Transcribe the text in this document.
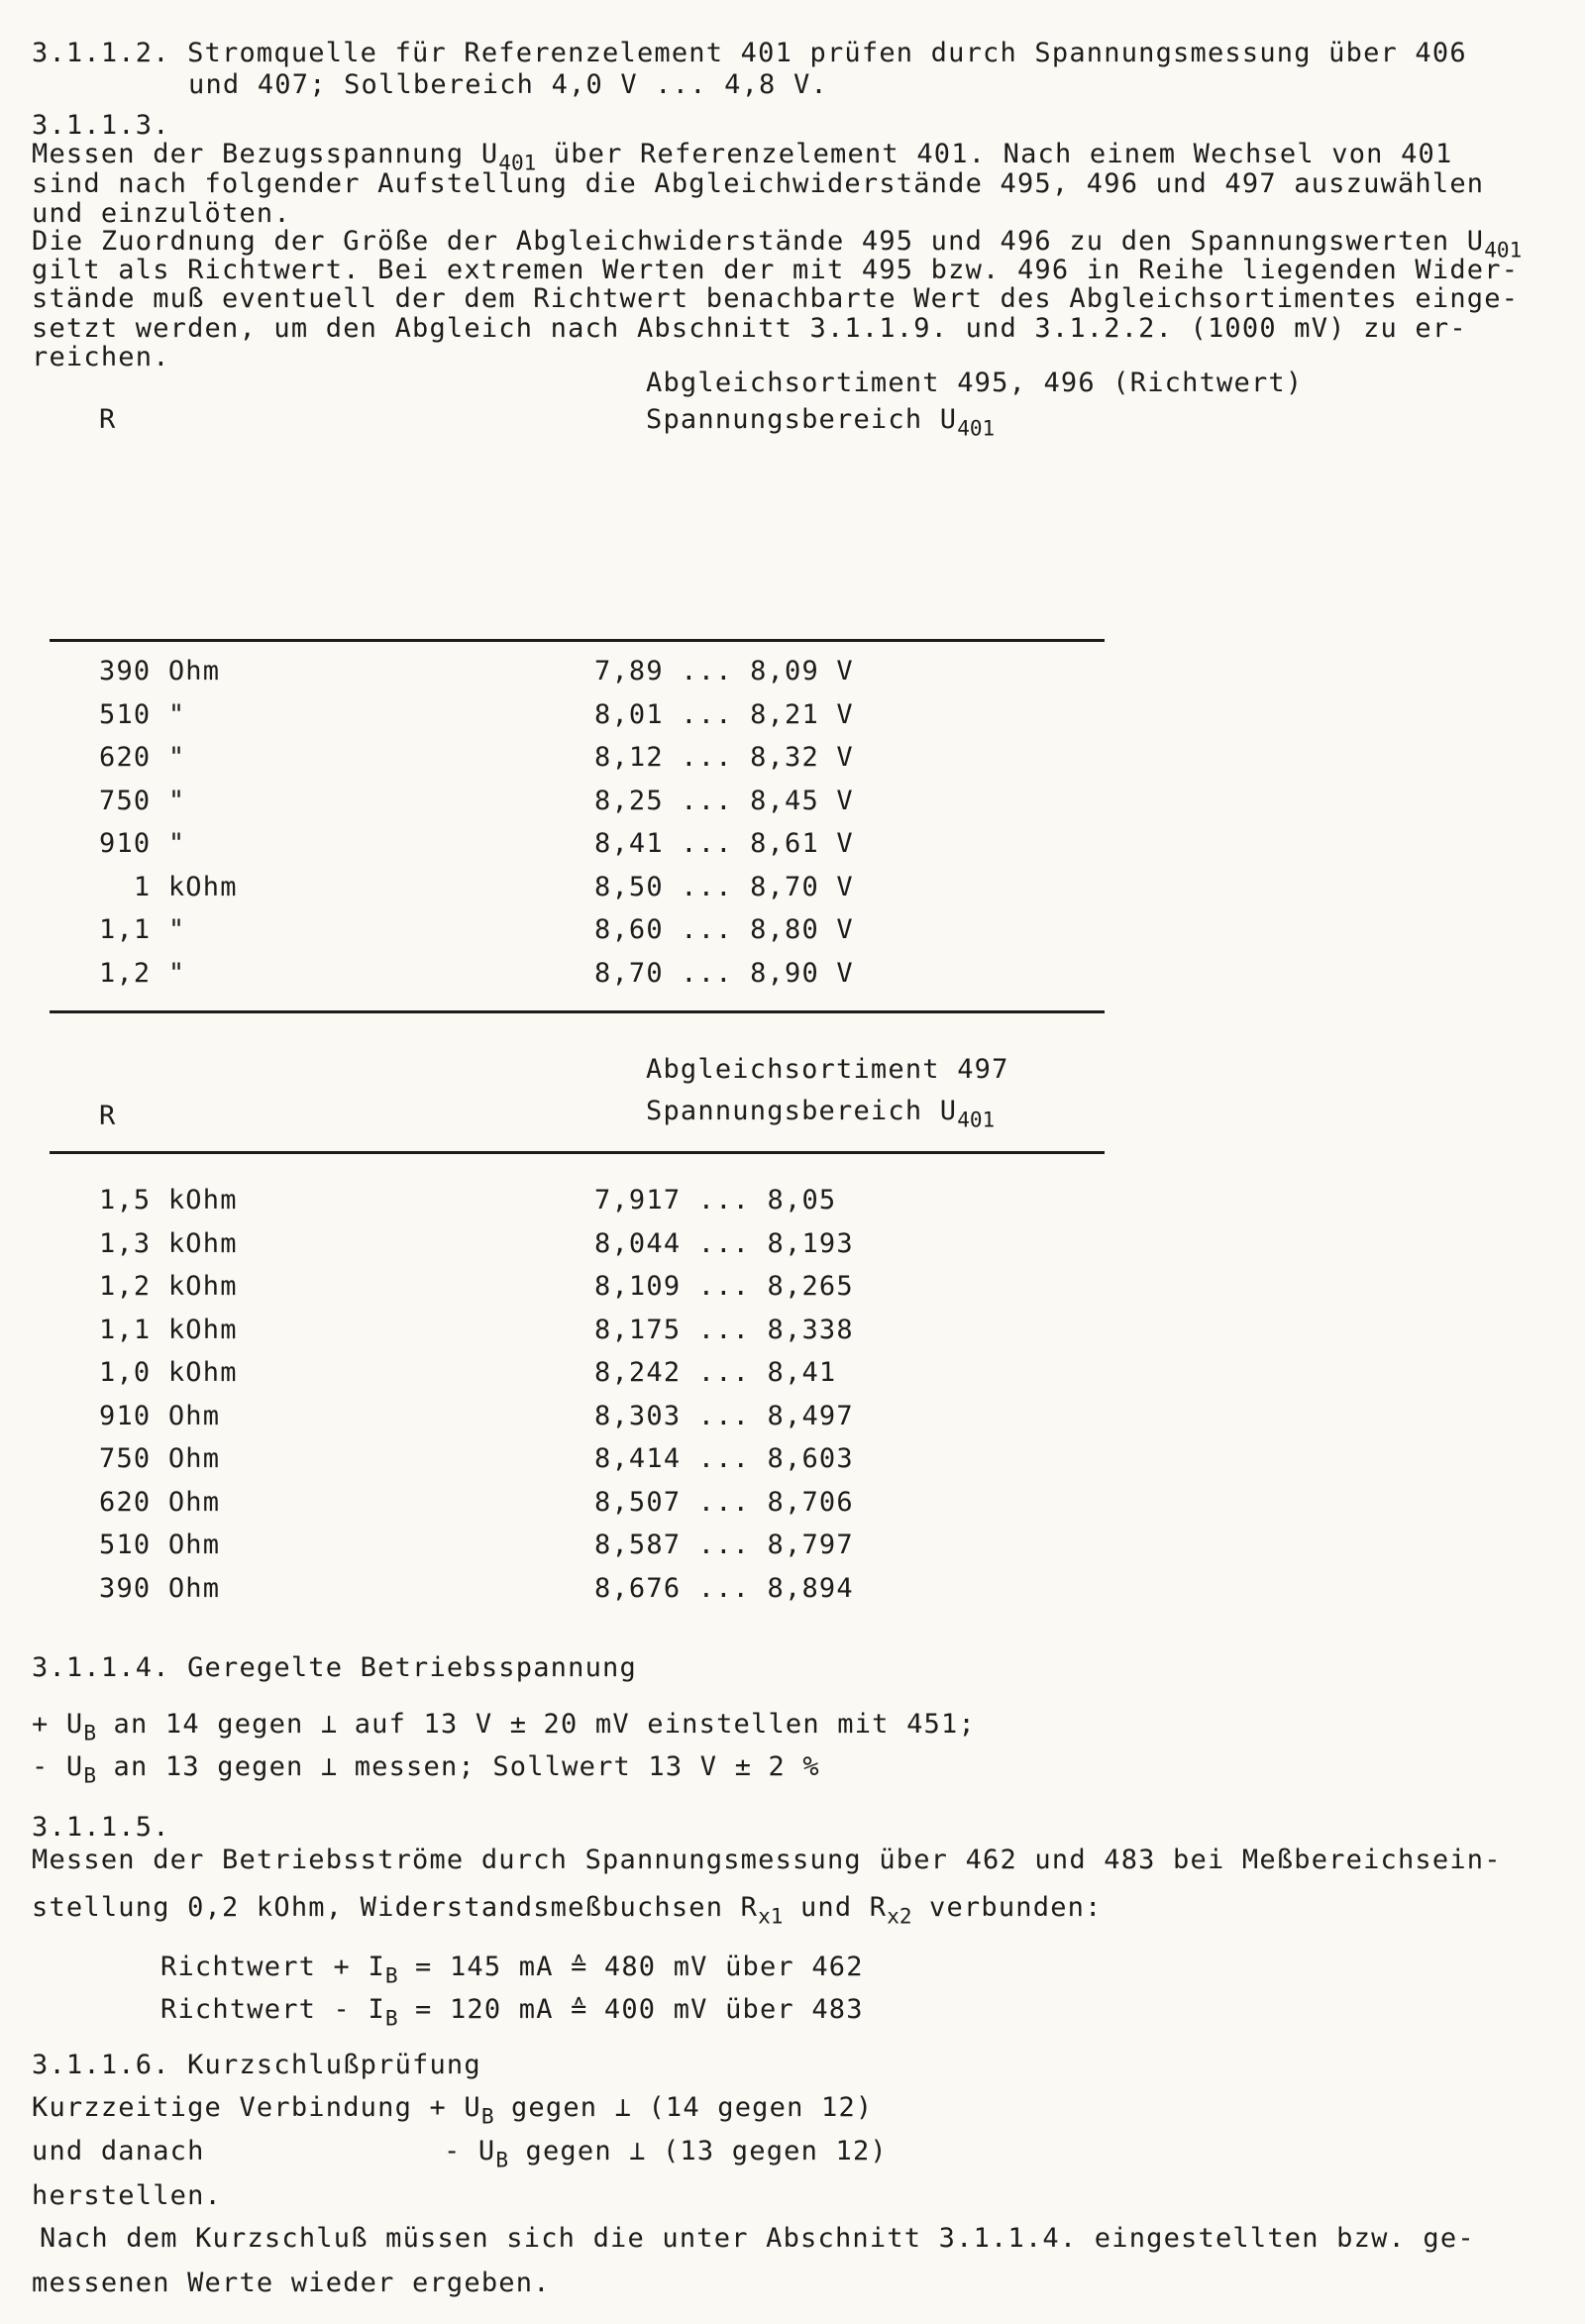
3.1.1.2. Stromquelle für Referenzelement 401 prüfen durch Spannungsmessung über 406
und 407; Sollbereich 4,0 V ... 4,8 V.
3.1.1.3.
Messen der Bezugsspannung $U_{401}$ über Referenzelement 401. Nach einem Wechsel von 401
sind nach folgender Aufstellung die Abgleichwiderstände 495, 496 und 497 auszuwählen
und einzulöten.
Die Zuordnung der Größe der Abgleichwiderstände 495 und 496 zu den Spannungswerten $U_{401}$
gilt als Richtwert. Bei extremen Werten der mit 495 bzw. 496 in Reihe liegenden Wider-
stände muß eventuell der dem Richtwert benachbarte Wert des Abgleichsortimentes einge-
setzt werden, um den Abgleich nach Abschnitt 3.1.1.9. und 3.1.2.2. (1000 mV) zu er-
reichen.
Abgleichsortiment 495, 496 (Richtwert)
R	Spannungsbereich $U_{401}$
390 Ohm	7,89 ... 8,09 V
510 "	8,01 ... 8,21 V
620 "	8,12 ... 8,32 V
750 "	8,25 ... 8,45 V
910 "	8,41 ... 8,61 V
1 kOhm	8,50 ... 8,70 V
1,1 "	8,60 ... 8,80 V
1,2 "	8,70 ... 8,90 V
Abgleichsortiment 497
R	Spannungsbereich $U_{401}$
1,5 kOhm	7,917 ... 8,05
1,3 kOhm	8,044 ... 8,193
1,2 kOhm	8,109 ... 8,265
1,1 kOhm	8,175 ... 8,338
1,0 kOhm	8,242 ... 8,41
910 Ohm	8,303 ... 8,497
750 Ohm	8,414 ... 8,603
620 Ohm	8,507 ... 8,706
510 Ohm	8,587 ... 8,797
390 Ohm	8,676 ... 8,894
3.1.1.4. Geregelte Betriebsspannung
+ $U_B$ an 14 gegen ⊥ auf 13 V ± 20 mV einstellen mit 451;
- $U_B$ an 13 gegen ⊥ messen; Sollwert 13 V ± 2 %
3.1.1.5.
Messen der Betriebsströme durch Spannungsmessung über 462 und 483 bei Meßbereichsein-
stellung 0,2 kOhm, Widerstandsmeßbuchsen $R_{x1}$ und $R_{x2}$ verbunden:
Richtwert + $I_B = 145$ mA ≙ 480 mV über 462
Richtwert - $I_B = 120$ mA ≙ 400 mV über 483
3.1.1.6. Kurzschlußprüfung
Kurzzeitige Verbindung + $U_B$ gegen ⊥ (14 gegen 12)
und danach	- $U_B$ gegen ⊥ (13 gegen 12)
herstellen.
Nach dem Kurzschluß müssen sich die unter Abschnitt 3.1.1.4. eingestellten bzw. ge-
messenen Werte wieder ergeben.
